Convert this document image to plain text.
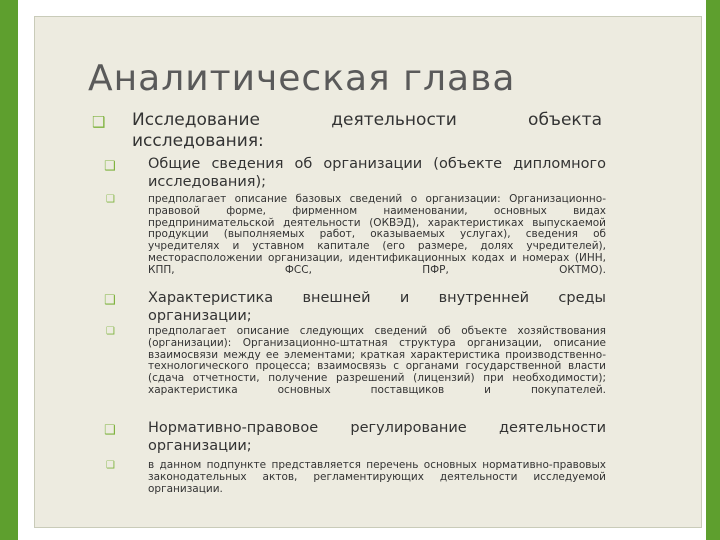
Аналитическая глава
❑ Исследование деятельности объекта исследования:
❑ Общие сведения об организации (объекте дипломного исследования);
❑	предполагает описание базовых сведений о организации: Организационно-правовой форме, фирменном наименовании, основных видах предпринимательской деятельности (ОКВЭД), характеристиках выпускаемой продукции (выполняемых работ, оказываемых услугах), сведения об учредителях и уставном капитале (его размере, долях учредителей), месторасположении организации, идентификационных кодах и номерах (ИНН, КПП, ФСС, ПФР, ОКТМО).
❑ Характеристика внешней и внутренней среды организации;
❑	предполагает описание следующих сведений об объекте хозяйствования (организации): Организационно-штатная структура организации, описание взаимосвязи между ее элементами; краткая характеристика производственно-технологического процесса; взаимосвязь с органами государственной власти (сдача отчетности, получение разрешений (лицензий) при необходимости); характеристика основных поставщиков и покупателей.
❑ Нормативно-правовое регулирование деятельности организации;
❑	в данном подпункте представляется перечень основных нормативно-правовых законодательных актов, регламентирующих деятельности исследуемой организации.
